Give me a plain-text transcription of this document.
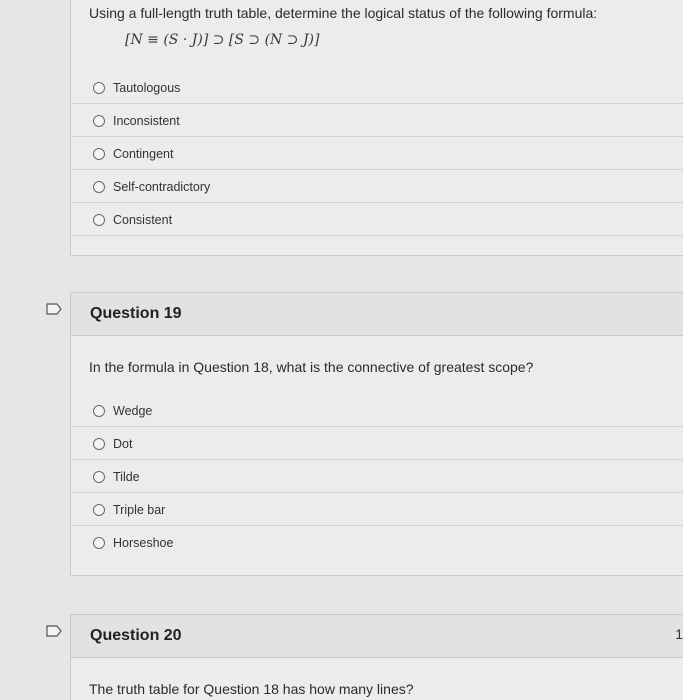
Using a full-length truth table, determine the logical status of the following formula:
[N ≡ (S · J)] ⊃ [S ⊃ (N ⊃ J)]
Tautologous
Inconsistent
Contingent
Self-contradictory
Consistent
Question 19
In the formula in Question 18, what is the connective of greatest scope?
Wedge
Dot
Tilde
Triple bar
Horseshoe
Question 20
The truth table for Question 18 has how many lines?
1
